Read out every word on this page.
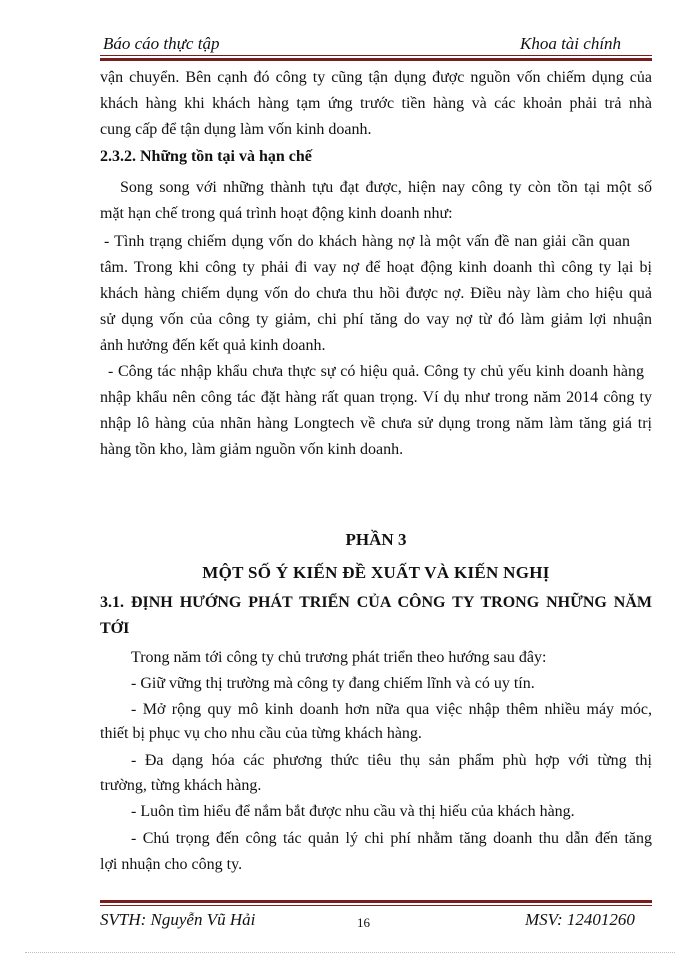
Báo cáo thực tập	Khoa tài chính
vận chuyển. Bên cạnh đó công ty cũng tận dụng được nguồn vốn chiếm dụng của
khách hàng khi khách hàng tạm ứng trước tiền hàng và các khoản phải trả nhà
cung cấp để tận dụng làm vốn kinh doanh.
2.3.2. Những tồn tại và hạn chế
Song song với những thành tựu đạt được, hiện nay công ty còn tồn tại một số
mặt hạn chế trong quá trình hoạt động kinh doanh như:
- Tình trạng chiếm dụng vốn do khách hàng nợ là một vấn đề nan giải cần quan
tâm. Trong khi công ty phải đi vay nợ để hoạt động kinh doanh thì công ty lại bị
khách hàng chiếm dụng vốn do chưa thu hồi được nợ. Điều này làm cho hiệu quả
sử dụng vốn của công ty giảm, chi phí tăng do vay nợ từ đó làm giảm lợi nhuận
ảnh hưởng đến kết quả kinh doanh.
- Công tác nhập khẩu chưa thực sự có hiệu quả. Công ty chủ yếu kinh doanh hàng
nhập khẩu nên công tác đặt hàng rất quan trọng. Ví dụ như trong năm 2014 công ty
nhập lô hàng của nhãn hàng Longtech về chưa sử dụng trong năm làm tăng giá trị
hàng tồn kho, làm giảm nguồn vốn kinh doanh.
PHẦN 3
MỘT SỐ Ý KIẾN ĐỀ XUẤT VÀ KIẾN NGHỊ
3.1. ĐỊNH HƯỚNG PHÁT TRIỂN CỦA CÔNG TY TRONG NHỮNG NĂM
TỚI
Trong năm tới công ty chủ trương phát triển theo hướng sau đây:
- Giữ vững thị trường mà công ty đang chiếm lĩnh và có uy tín.
- Mở rộng quy mô kinh doanh hơn nữa qua việc nhập thêm nhiều máy móc,
thiết bị phục vụ cho nhu cầu của từng khách hàng.
- Đa dạng hóa các phương thức tiêu thụ sản phẩm phù hợp với từng thị
trường, từng khách hàng.
- Luôn tìm hiểu để nắm bắt được nhu cầu và thị hiếu của khách hàng.
- Chú trọng đến công tác quản lý chi phí nhằm tăng doanh thu dẫn đến tăng
lợi nhuận cho công ty.
SVTH: Nguyễn Vũ Hải	16	MSV: 12401260
